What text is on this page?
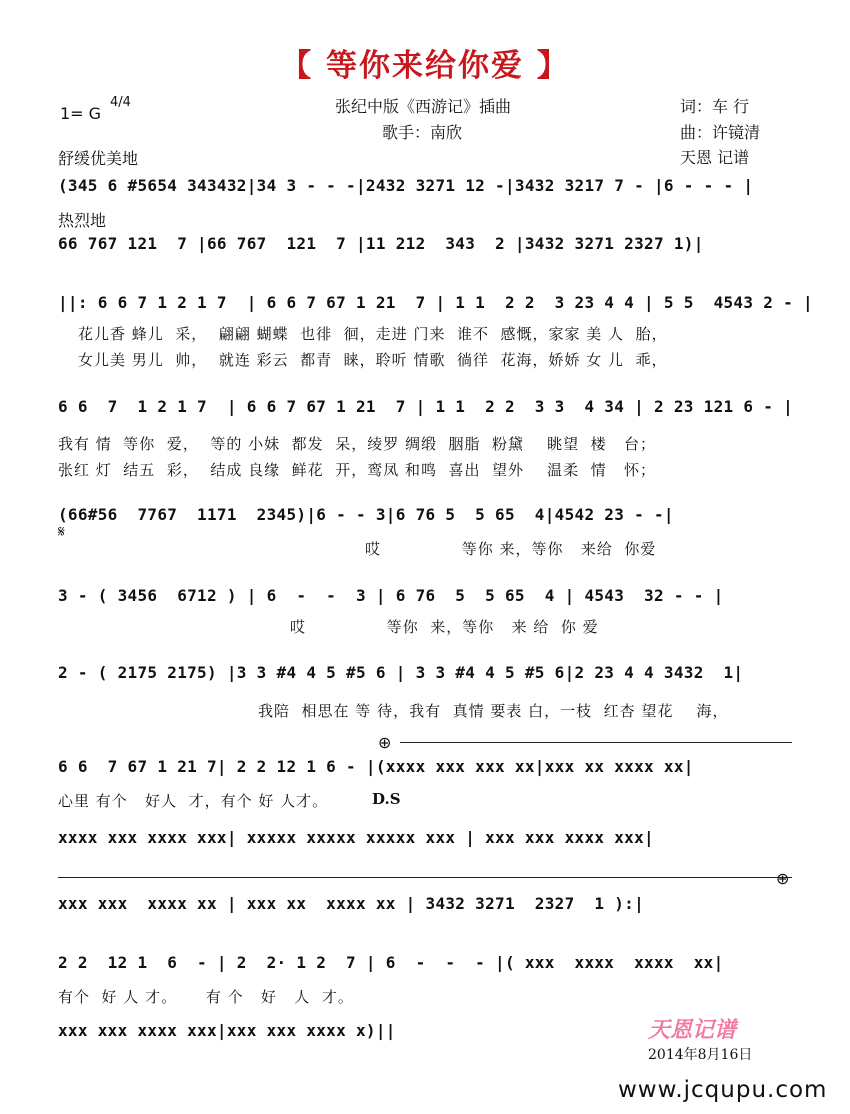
【 等你来给你爱 】
1= G
4/4	张纪中版《西游记》插曲
歌手：南欣
词：车 行
曲：许镜清
天恩 记谱
舒缓优美地
(345 6 #5654 343432|34 3 - - -|2432 3271 12 -|3432 3217 7 - |6 - - - |
热烈地
66 767 121  7 |66 767  121  7 |11 212  343  2 |3432 3271 2327 1)|
||: 6 6 7 1 2 1 7  | 6 6 7 67 1 21  7 | 1 1  2 2  3 23 4 4 | 5 5  4543 2 - |
花儿香 蜂儿  采，  翩翩 蝴蝶  也徘  徊，走进 门来  谁不  感慨，家家 美 人  胎，
女儿美 男儿  帅，  就连 彩云  都青  睐，聆听 情歌  徜徉  花海，娇娇 女 儿  乖，
6 6  7  1 2 1 7  | 6 6 7 67 1 21  7 | 1 1  2 2  3 3  4 34 | 2 23 121 6 - |
我有 情  等你  爱，  等的 小妹  都发  呆，绫罗 绸缎  胭脂  粉黛    眺望  楼   台；
张红 灯  结五  彩，  结成 良缘  鲜花  开，鸾凤 和鸣  喜出  望外    温柔  情   怀；
(66#56  7767  1171  2345)|6 - - 3|6 76 5  5 65  4|4542 23 - -|
𝄋
哎              等你 来，等你   来给  你爱
3 - ( 3456  6712 ) | 6  -  -  3 | 6 76  5  5 65  4 | 4543  32 - - |
哎              等你  来，等你   来 给  你 爱
2 - ( 2175 2175) |3 3 #4 4 5 #5 6 | 3 3 #4 4 5 #5 6|2 23 4 4 3432  1|
我陪  相思在 等 待，我有  真情 要表 白，一枝  红杏 望花    海，
⊕
6 6  7 67 1 21 7| 2 2 12 1 6 - |(xxxx xxx xxx xx|xxx xx xxxx xx|
心里 有个   好人  才，有个 好 人才。	D.S
xxxx xxx xxxx xxx| xxxxx xxxxx xxxxx xxx | xxx xxx xxxx xxx|
⊕
xxx xxx  xxxx xx | xxx xx  xxxx xx | 3432 3271  2327  1 ):|
2 2  12 1  6  - | 2  2· 1 2  7 | 6  -  -  - |( xxx  xxxx  xxxx  xx|
有个  好 人 才。     有 个   好   人  才。
xxx xxx xxxx xxx|xxx xxx xxxx x)||	天恩记谱
2014年8月16日
www.jcqupu.com
